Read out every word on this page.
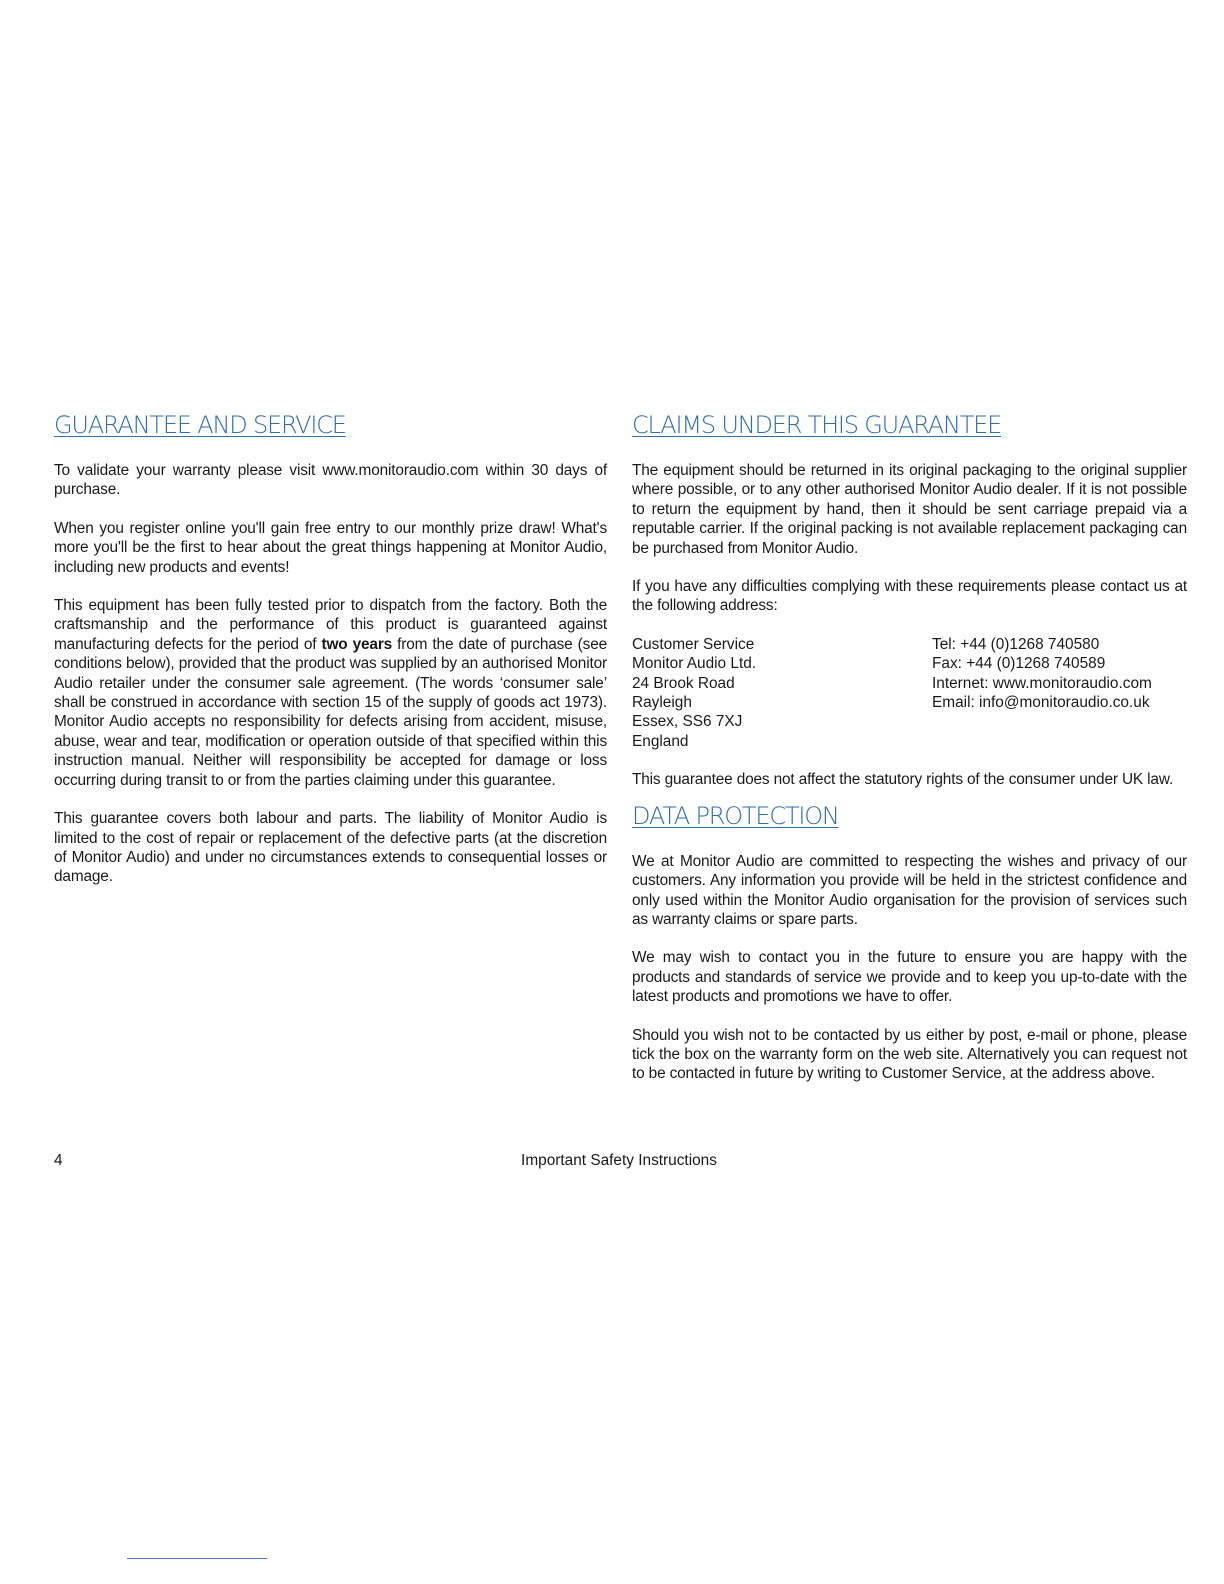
GUARANTEE AND SERVICE

To validate your warranty please visit www.monitoraudio.com within 30 days of purchase.

When you register online you'll gain free entry to our monthly prize draw! What's more you'll be the first to hear about the great things happening at Monitor Audio, including new products and events!

This equipment has been fully tested prior to dispatch from the factory. Both the craftsmanship and the performance of this product is guaranteed against manufacturing defects for the period of two years from the date of purchase (see conditions below), provided that the product was supplied by an authorised Monitor Audio retailer under the consumer sale agreement. (The words ‘consumer sale’ shall be construed in accordance with section 15 of the supply of goods act 1973). Monitor Audio accepts no responsibility for defects arising from accident, misuse, abuse, wear and tear, modification or operation outside of that specified within this instruction manual. Neither will responsibility be accepted for damage or loss occurring during transit to or from the parties claiming under this guarantee.

This guarantee covers both labour and parts. The liability of Monitor Audio is limited to the cost of repair or replacement of the defective parts (at the discretion of Monitor Audio) and under no circumstances extends to consequential losses or damage.

CLAIMS UNDER THIS GUARANTEE

The equipment should be returned in its original packaging to the original supplier where possible, or to any other authorised Monitor Audio dealer. If it is not possible to return the equipment by hand, then it should be sent carriage prepaid via a reputable carrier. If the original packing is not available replacement packaging can be purchased from Monitor Audio.

If you have any difficulties complying with these requirements please contact us at the following address:

Customer Service
Monitor Audio Ltd.
24 Brook Road
Rayleigh
Essex, SS6 7XJ
England
Tel: +44 (0)1268 740580
Fax: +44 (0)1268 740589
Internet: www.monitoraudio.com
Email: info@monitoraudio.co.uk

This guarantee does not affect the statutory rights of the consumer under UK law.

DATA PROTECTION

We at Monitor Audio are committed to respecting the wishes and privacy of our customers. Any information you provide will be held in the strictest confidence and only used within the Monitor Audio organisation for the provision of services such as warranty claims or spare parts.

We may wish to contact you in the future to ensure you are happy with the products and standards of service we provide and to keep you up-to-date with the latest products and promotions we have to offer.

Should you wish not to be contacted by us either by post, e-mail or phone, please tick the box on the warranty form on the web site. Alternatively you can request not to be contacted in future by writing to Customer Service, at the address above.

4	Important Safety Instructions
